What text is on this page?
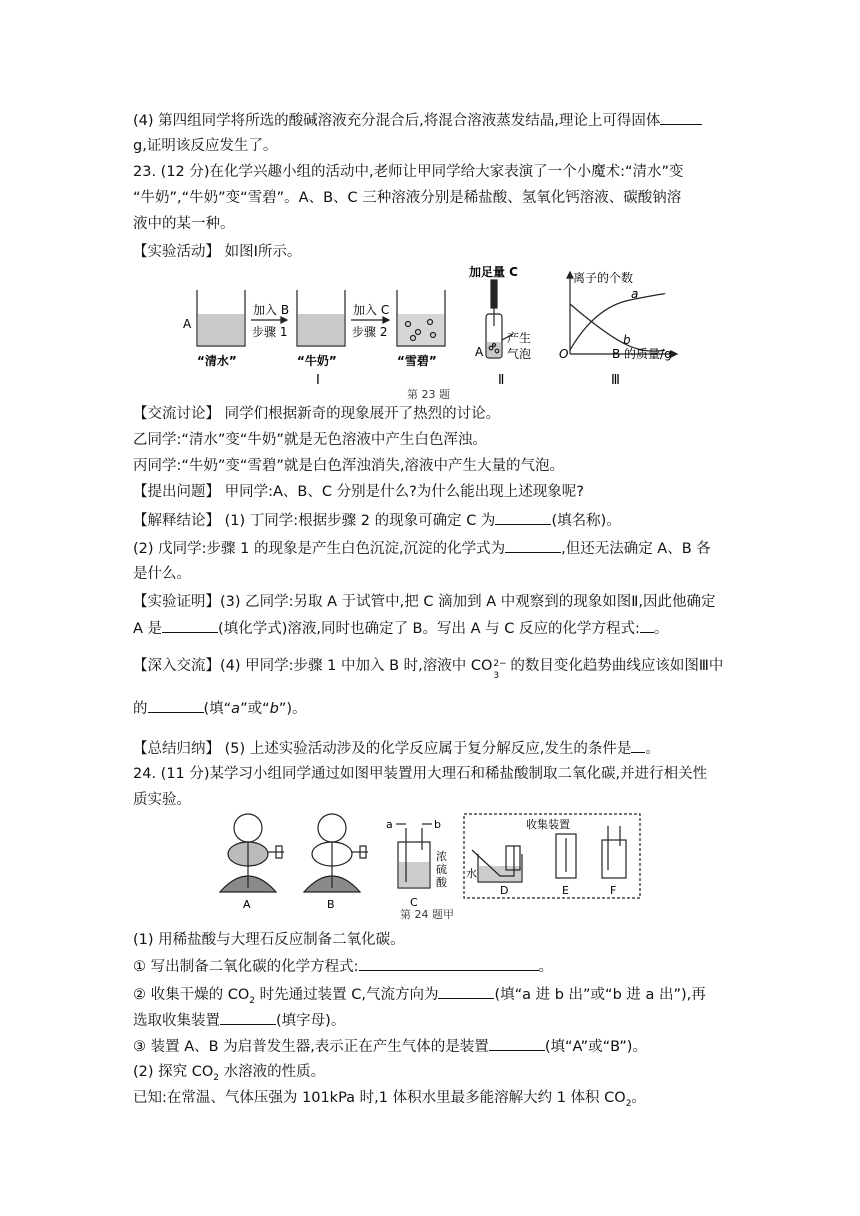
(4) 第四组同学将所选的酸碱溶液充分混合后,将混合溶液蒸发结晶,理论上可得固体
g,证明该反应发生了。
23. (12 分)在化学兴趣小组的活动中,老师让甲同学给大家表演了一个小魔术:“清水”变
“牛奶”,“牛奶”变“雪碧”。A、B、C 三种溶液分别是稀盐酸、氢氧化钙溶液、碳酸钠溶
液中的某一种。
【实验活动】 如图Ⅰ所示。
A
加入 B
步骤 1
加入 C
步骤 2
“清水”	“牛奶”	“雪碧”
Ⅰ
加足量 C
产生
气泡
A
Ⅱ
离子的个数
a
b
O	B 的质量/g
Ⅲ
第 23 题
【交流讨论】 同学们根据新奇的现象展开了热烈的讨论。
乙同学:“清水”变“牛奶”就是无色溶液中产生白色浑浊。
丙同学:“牛奶”变“雪碧”就是白色浑浊消失,溶液中产生大量的气泡。
【提出问题】 甲同学:A、B、C 分别是什么?为什么能出现上述现象呢?
【解释结论】 (1) 丁同学:根据步骤 2 的现象可确定 C 为	(填名称)。
(2) 戊同学:步骤 1 的现象是产生白色沉淀,沉淀的化学式为	,但还无法确定 A、B 各
是什么。
【实验证明】(3) 乙同学:另取 A 于试管中,把 C 滴加到 A 中观察到的现象如图Ⅱ,因此他确定
A 是	(填化学式)溶液,同时也确定了 B。写出 A 与 C 反应的化学方程式: 。
【深入交流】(4) 甲同学:步骤 1 中加入 B 时,溶液中 CO 2−
3
的数目变化趋势曲线应该如图Ⅲ中
的	(填“a”或“b”)。
【总结归纳】 (5) 上述实验活动涉及的化学反应属于复分解反应,发生的条件是 。
24. (11 分)某学习小组同学通过如图甲装置用大理石和稀盐酸制取二氧化碳,并进行相关性
质实验。
A	B	C
a	b
浓
硫
酸
收集装置
水
D	E	F
第 24 题甲
(1) 用稀盐酸与大理石反应制备二氧化碳。
① 写出制备二氧化碳的化学方程式:	。
② 收集干燥的 $CO_2$ 时先通过装置 C,气流方向为	(填“a 进 b 出”或“b 进 a 出”),再
选取收集装置	(填字母)。
③ 装置 A、B 为启普发生器,表示正在产生气体的是装置	(填“A”或“B”)。
(2) 探究 $CO_2$ 水溶液的性质。
已知:在常温、气体压强为 101kPa 时,1 体积水里最多能溶解大约 1 体积 $CO_2$。
